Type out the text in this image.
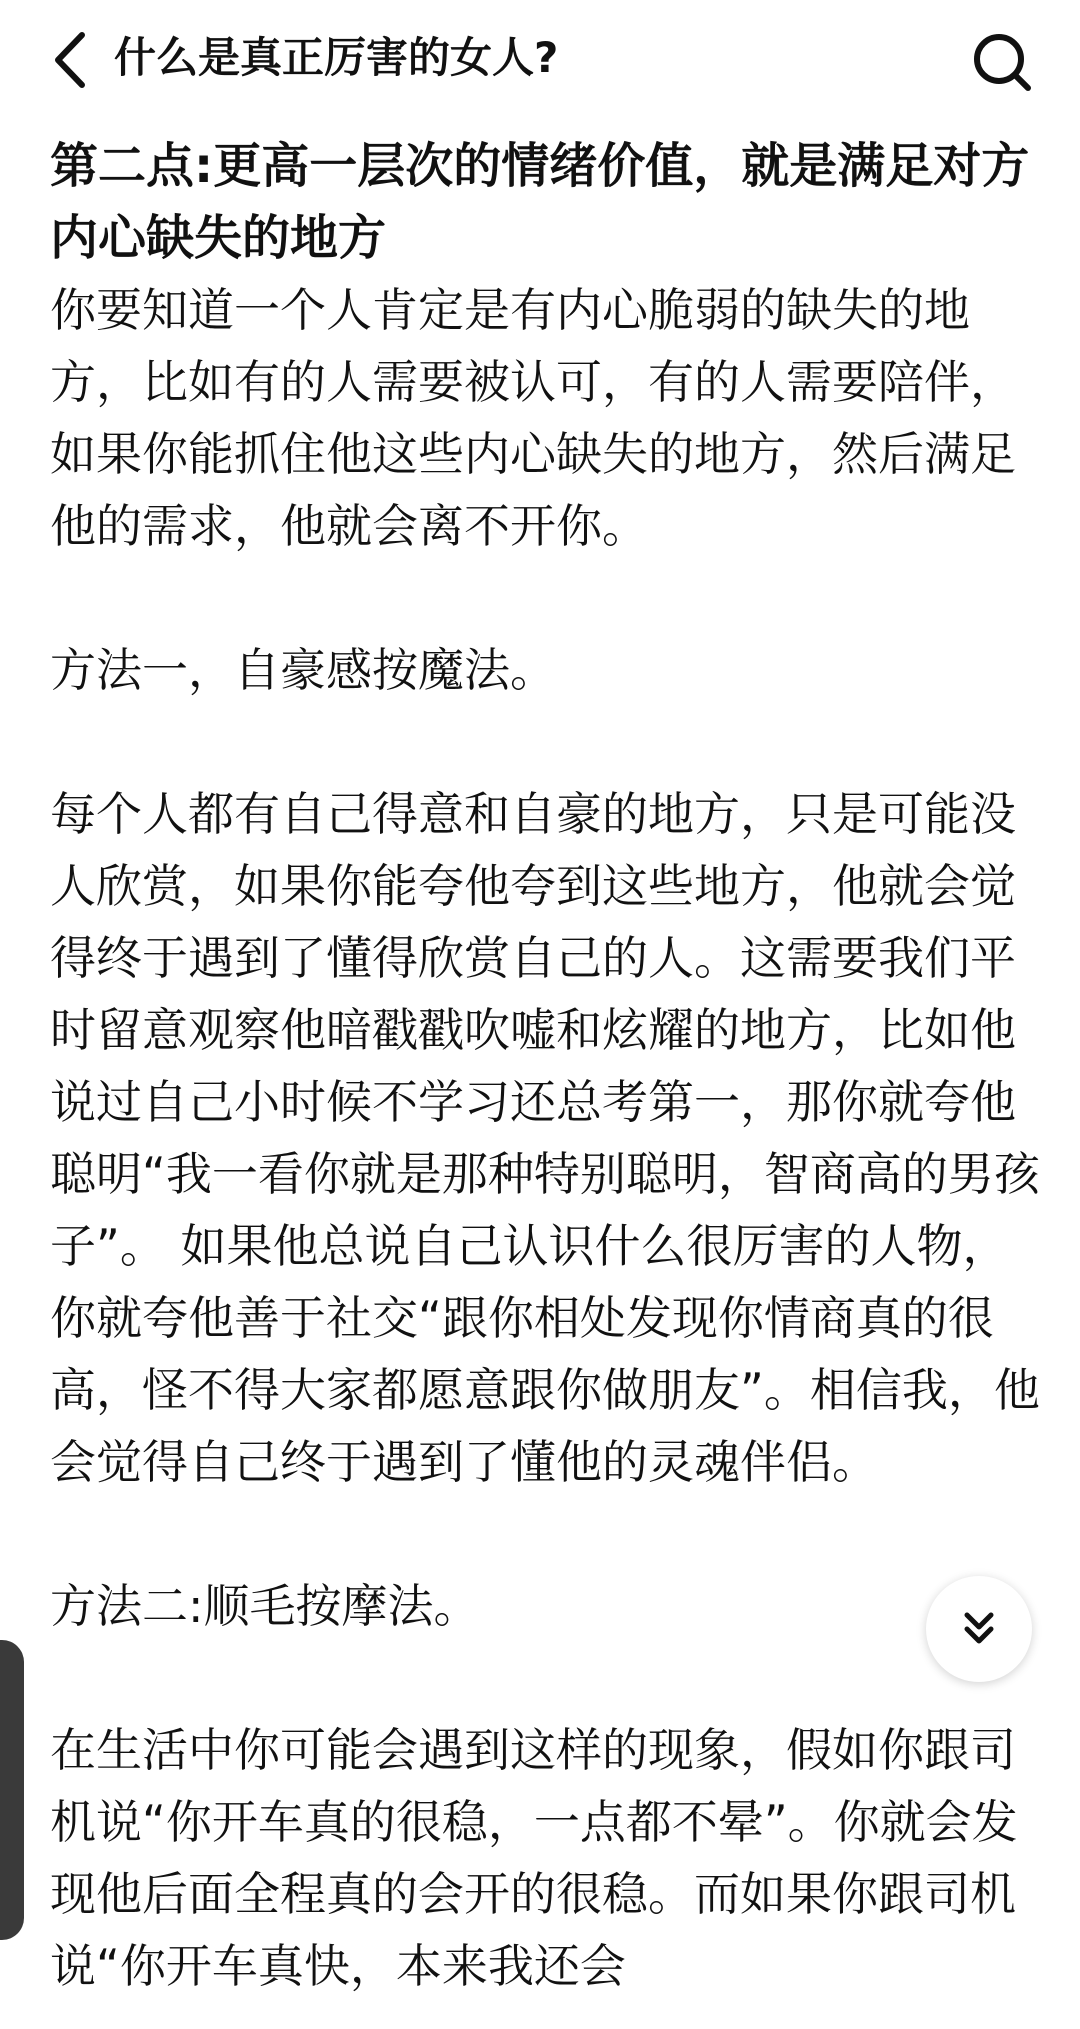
什么是真正厉害的女人?

第二点:更高一层次的情绪价值，就是满足对方内心缺失的地方

你要知道一个人肯定是有内心脆弱的缺失的地方，比如有的人需要被认可，有的人需要陪伴，如果你能抓住他这些内心缺失的地方，然后满足他的需求，他就会离不开你。

方法一，自豪感按魔法。

每个人都有自己得意和自豪的地方，只是可能没人欣赏，如果你能夸他夸到这些地方，他就会觉得终于遇到了懂得欣赏自己的人。这需要我们平时留意观察他暗戳戳吹嘘和炫耀的地方，比如他说过自己小时候不学习还总考第一，那你就夸他聪明“我一看你就是那种特别聪明，智商高的男孩子”。 如果他总说自己认识什么很厉害的人物，你就夸他善于社交“跟你相处发现你情商真的很高，怪不得大家都愿意跟你做朋友”。相信我，他会觉得自己终于遇到了懂他的灵魂伴侣。

方法二:顺毛按摩法。

在生活中你可能会遇到这样的现象，假如你跟司机说“你开车真的很稳，一点都不晕”。你就会发现他后面全程真的会开的很稳。而如果你跟司机说“你开车真快，本来我还会
